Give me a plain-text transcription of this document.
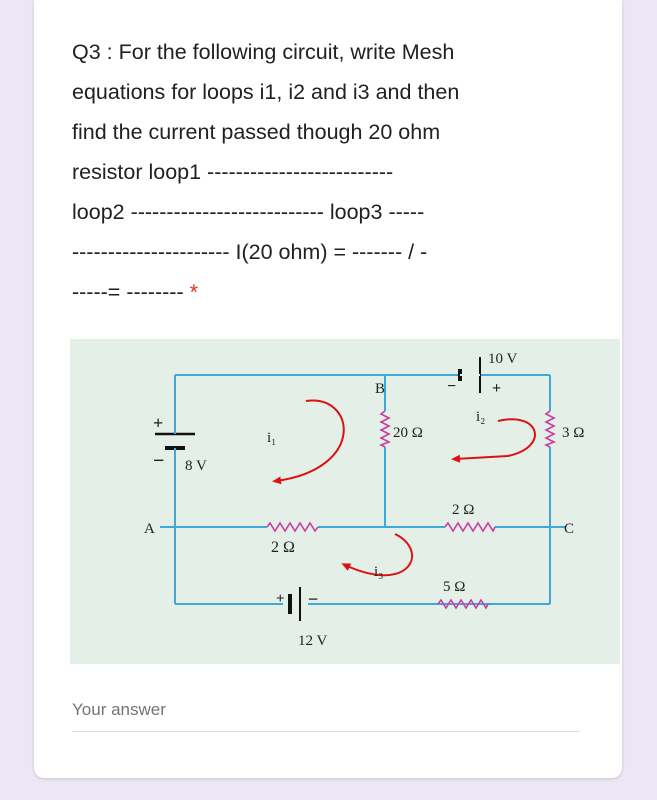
Q3 : For the following circuit, write Mesh
equations for loops i1, i2 and i3 and then
find the current passed though 20 ohm
resistor loop1 --------------------------
loop2 --------------------------- loop3 -----
---------------------- I(20 ohm) = ------- / -
-----= -------- *

+
− 8 V
10 V
+
−
+ −
12 V
2 Ω
20 Ω
2 Ω
5 Ω
3 Ω
A
B
C
i₁
i₂
i₃
Your answer
